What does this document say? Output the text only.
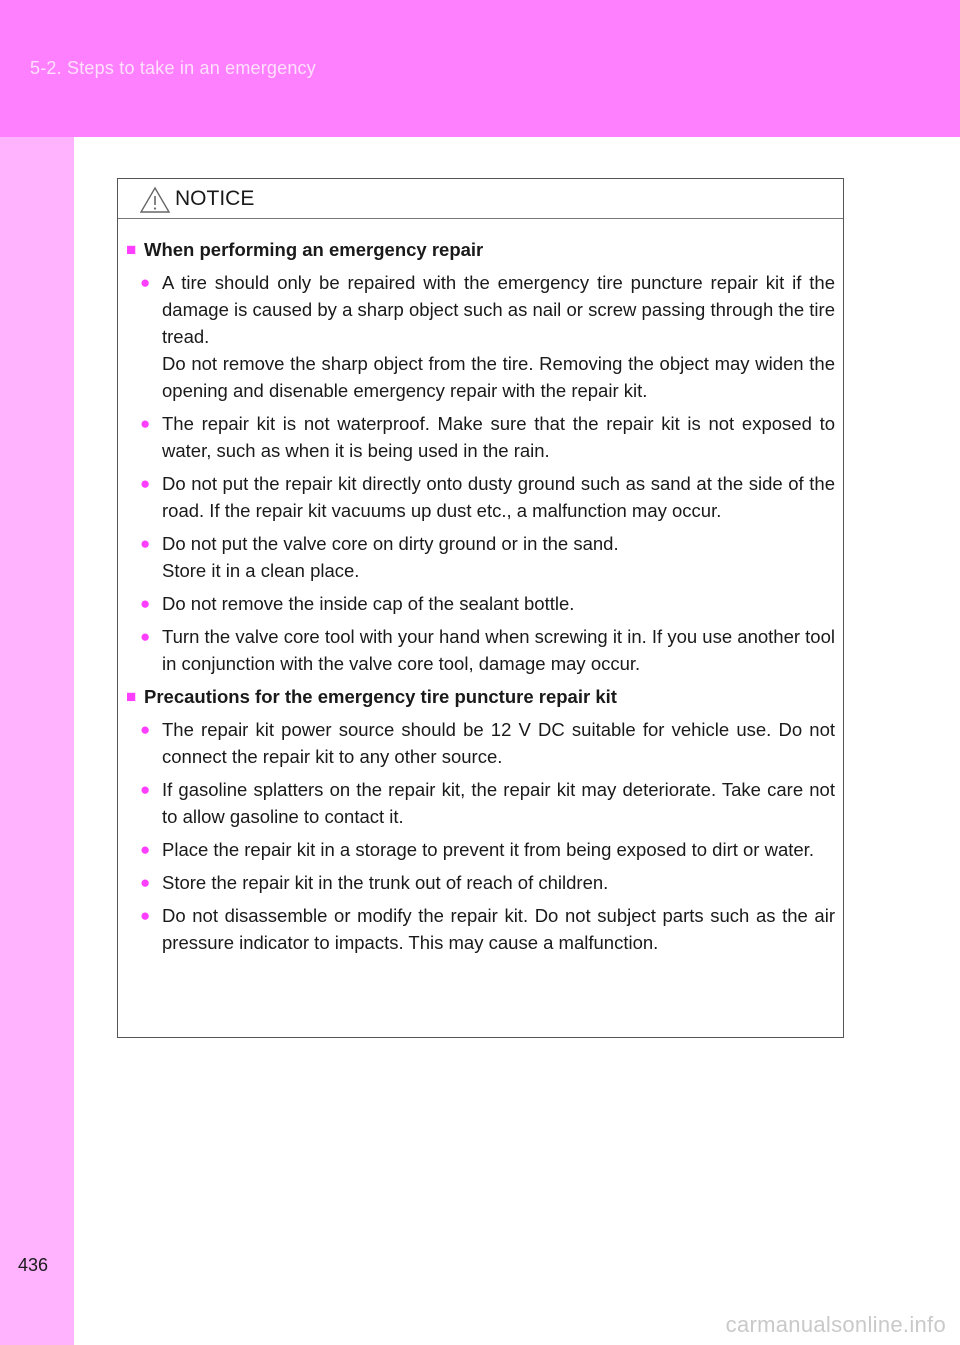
5-2. Steps to take in an emergency
436
NOTICE
■ When performing an emergency repair
● A tire should only be repaired with the emergency tire puncture repair kit if the damage is caused by a sharp object such as nail or screw passing through the tire tread.

Do not remove the sharp object from the tire. Removing the object may widen the opening and disenable emergency repair with the repair kit.

● The repair kit is not waterproof. Make sure that the repair kit is not exposed to water, such as when it is being used in the rain.

● Do not put the repair kit directly onto dusty ground such as sand at the side of the road. If the repair kit vacuums up dust etc., a malfunction may occur.

● Do not put the valve core on dirty ground or in the sand.

Store it in a clean place.

● Do not remove the inside cap of the sealant bottle.

● Turn the valve core tool with your hand when screwing it in. If you use another tool in conjunction with the valve core tool, damage may occur.

■ Precautions for the emergency tire puncture repair kit
● The repair kit power source should be 12 V DC suitable for vehicle use. Do not connect the repair kit to any other source.

● If gasoline splatters on the repair kit, the repair kit may deteriorate. Take care not to allow gasoline to contact it.

● Place the repair kit in a storage to prevent it from being exposed to dirt or water.

● Store the repair kit in the trunk out of reach of children.

● Do not disassemble or modify the repair kit. Do not subject parts such as the air pressure indicator to impacts. This may cause a malfunction.

carmanualsonline.info
